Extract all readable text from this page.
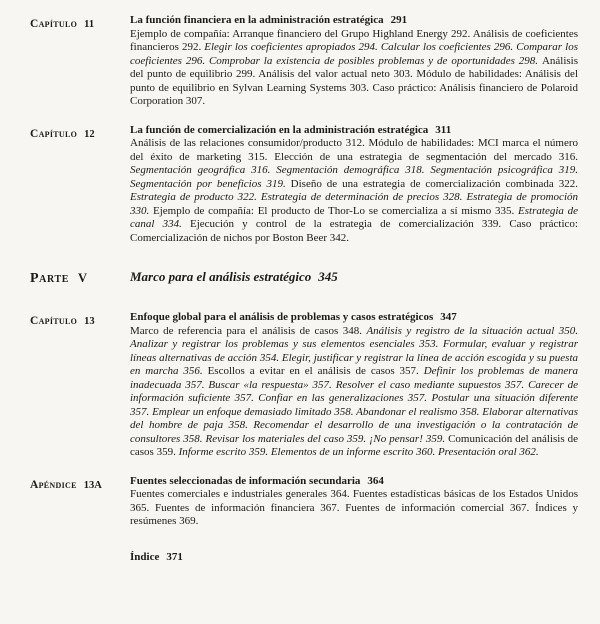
Capítulo 11	La función financiera en la administración estratégica 291
Ejemplo de compañía: Arranque financiero del Grupo Highland Energy 292. Análisis de coeficientes financieros 292. Elegir los coeficientes apropiados 294. Calcular los coeficientes 296. Comparar los coeficientes 296. Comprobar la existencia de posibles problemas y de oportunidades 298. Análisis del punto de equilibrio 299. Análisis del valor actual neto 303. Módulo de habilidades: Análisis del punto de equilibrio en Sylvan Learning Systems 303. Caso práctico: Análisis financiero de Polaroid Corporation 307.
Capítulo 12	La función de comercialización en la administración estratégica 311
Análisis de las relaciones consumidor/producto 312. Módulo de habilidades: MCI marca el número del éxito de marketing 315. Elección de una estrategia de segmentación del mercado 316. Segmentación geográfica 316. Segmentación demográfica 318. Segmentación psicográfica 319. Segmentación por beneficios 319. Diseño de una estrategia de comercialización combinada 322. Estrategia de producto 322. Estrategia de determinación de precios 328. Estrategia de promoción 330. Ejemplo de compañía: El producto de Thor-Lo se comercializa a sí mismo 335. Estrategia de canal 334. Ejecución y control de la estrategia de comercialización 339. Caso práctico: Comercialización de nichos por Boston Beer 342.
Parte V	Marco para el análisis estratégico 345
Capítulo 13	Enfoque global para el análisis de problemas y casos estratégicos 347
Marco de referencia para el análisis de casos 348. Análisis y registro de la situación actual 350. Analizar y registrar los problemas y sus elementos esenciales 353. Formular, evaluar y registrar líneas alternativas de acción 354. Elegir, justificar y registrar la línea de acción escogida y su puesta en marcha 356. Escollos a evitar en el análisis de casos 357. Definir los problemas de manera inadecuada 357. Buscar «la respuesta» 357. Resolver el caso mediante supuestos 357. Carecer de información suficiente 357. Confiar en las generalizaciones 357. Postular una situación diferente 357. Emplear un enfoque demasiado limitado 358. Abandonar el realismo 358. Elaborar alternativas del hombre de paja 358. Recomendar el desarrollo de una investigación o la contratación de consultores 358. Revisar los materiales del caso 359. ¡No pensar! 359. Comunicación del análisis de casos 359. Informe escrito 359. Elementos de un informe escrito 360. Presentación oral 362.
Apéndice 13A	Fuentes seleccionadas de información secundaria 364
Fuentes comerciales e industriales generales 364. Fuentes estadísticas básicas de los Estados Unidos 365. Fuentes de información financiera 367. Fuentes de información comercial 367. Índices y resúmenes 369.
Índice 371
